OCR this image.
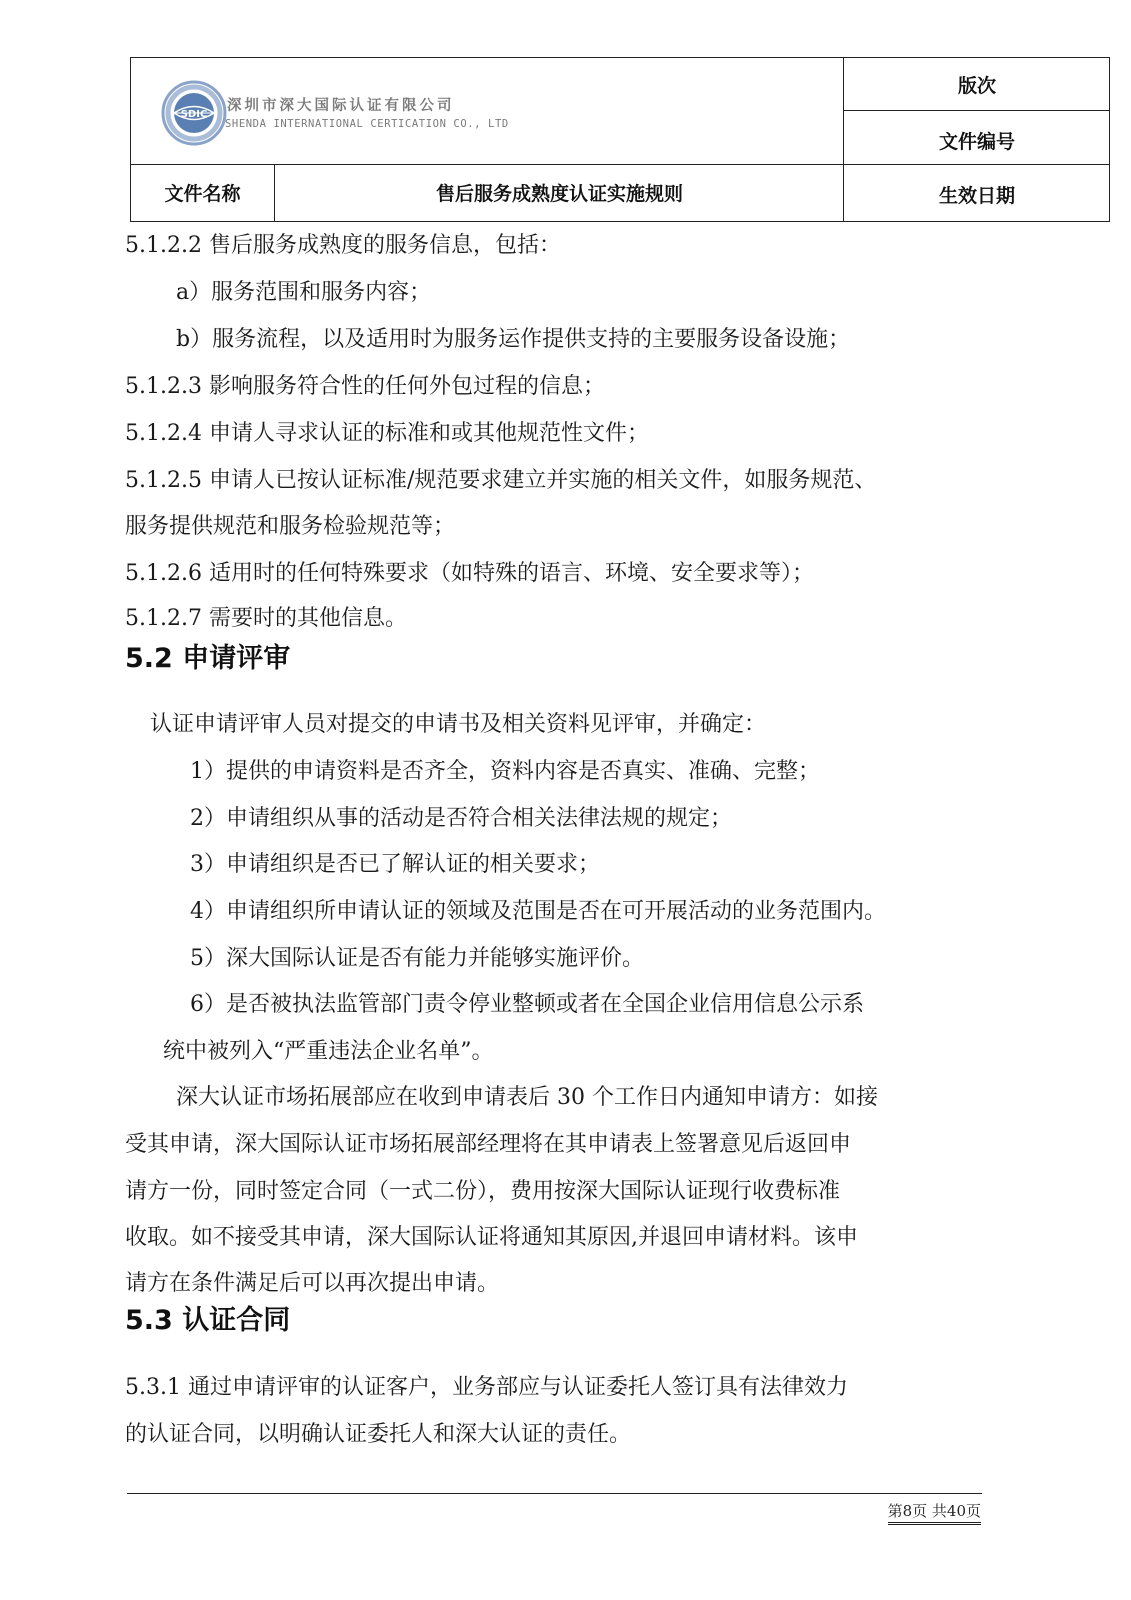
SDIC
深圳市深大国际认证有限公司
SHENDA INTERNATIONAL CERTICATION CO., LTD
版次
文件编号
文件名称	售后服务成熟度认证实施规则	生效日期
5.1.2.2 售后服务成熟度的服务信息，包括：
a）服务范围和服务内容；
b）服务流程，以及适用时为服务运作提供支持的主要服务设备设施；
5.1.2.3 影响服务符合性的任何外包过程的信息；
5.1.2.4 申请人寻求认证的标准和或其他规范性文件；
5.1.2.5 申请人已按认证标准/规范要求建立并实施的相关文件，如服务规范、
服务提供规范和服务检验规范等；
5.1.2.6 适用时的任何特殊要求（如特殊的语言、环境、安全要求等）；
5.1.2.7 需要时的其他信息。
5.2 申请评审
认证申请评审人员对提交的申请书及相关资料见评审，并确定：
1）提供的申请资料是否齐全，资料内容是否真实、准确、完整；
2）申请组织从事的活动是否符合相关法律法规的规定；
3）申请组织是否已了解认证的相关要求；
4）申请组织所申请认证的领域及范围是否在可开展活动的业务范围内。
5）深大国际认证是否有能力并能够实施评价。
6）是否被执法监管部门责令停业整顿或者在全国企业信用信息公示系
统中被列入“严重违法企业名单”。
深大认证市场拓展部应在收到申请表后 30 个工作日内通知申请方：如接
受其申请，深大国际认证市场拓展部经理将在其申请表上签署意见后返回申
请方一份，同时签定合同（一式二份），费用按深大国际认证现行收费标准
收取。如不接受其申请，深大国际认证将通知其原因,并退回申请材料。该申
请方在条件满足后可以再次提出申请。
5.3 认证合同
5.3.1 通过申请评审的认证客户，业务部应与认证委托人签订具有法律效力
的认证合同，以明确认证委托人和深大认证的责任。
第8页 共40页
